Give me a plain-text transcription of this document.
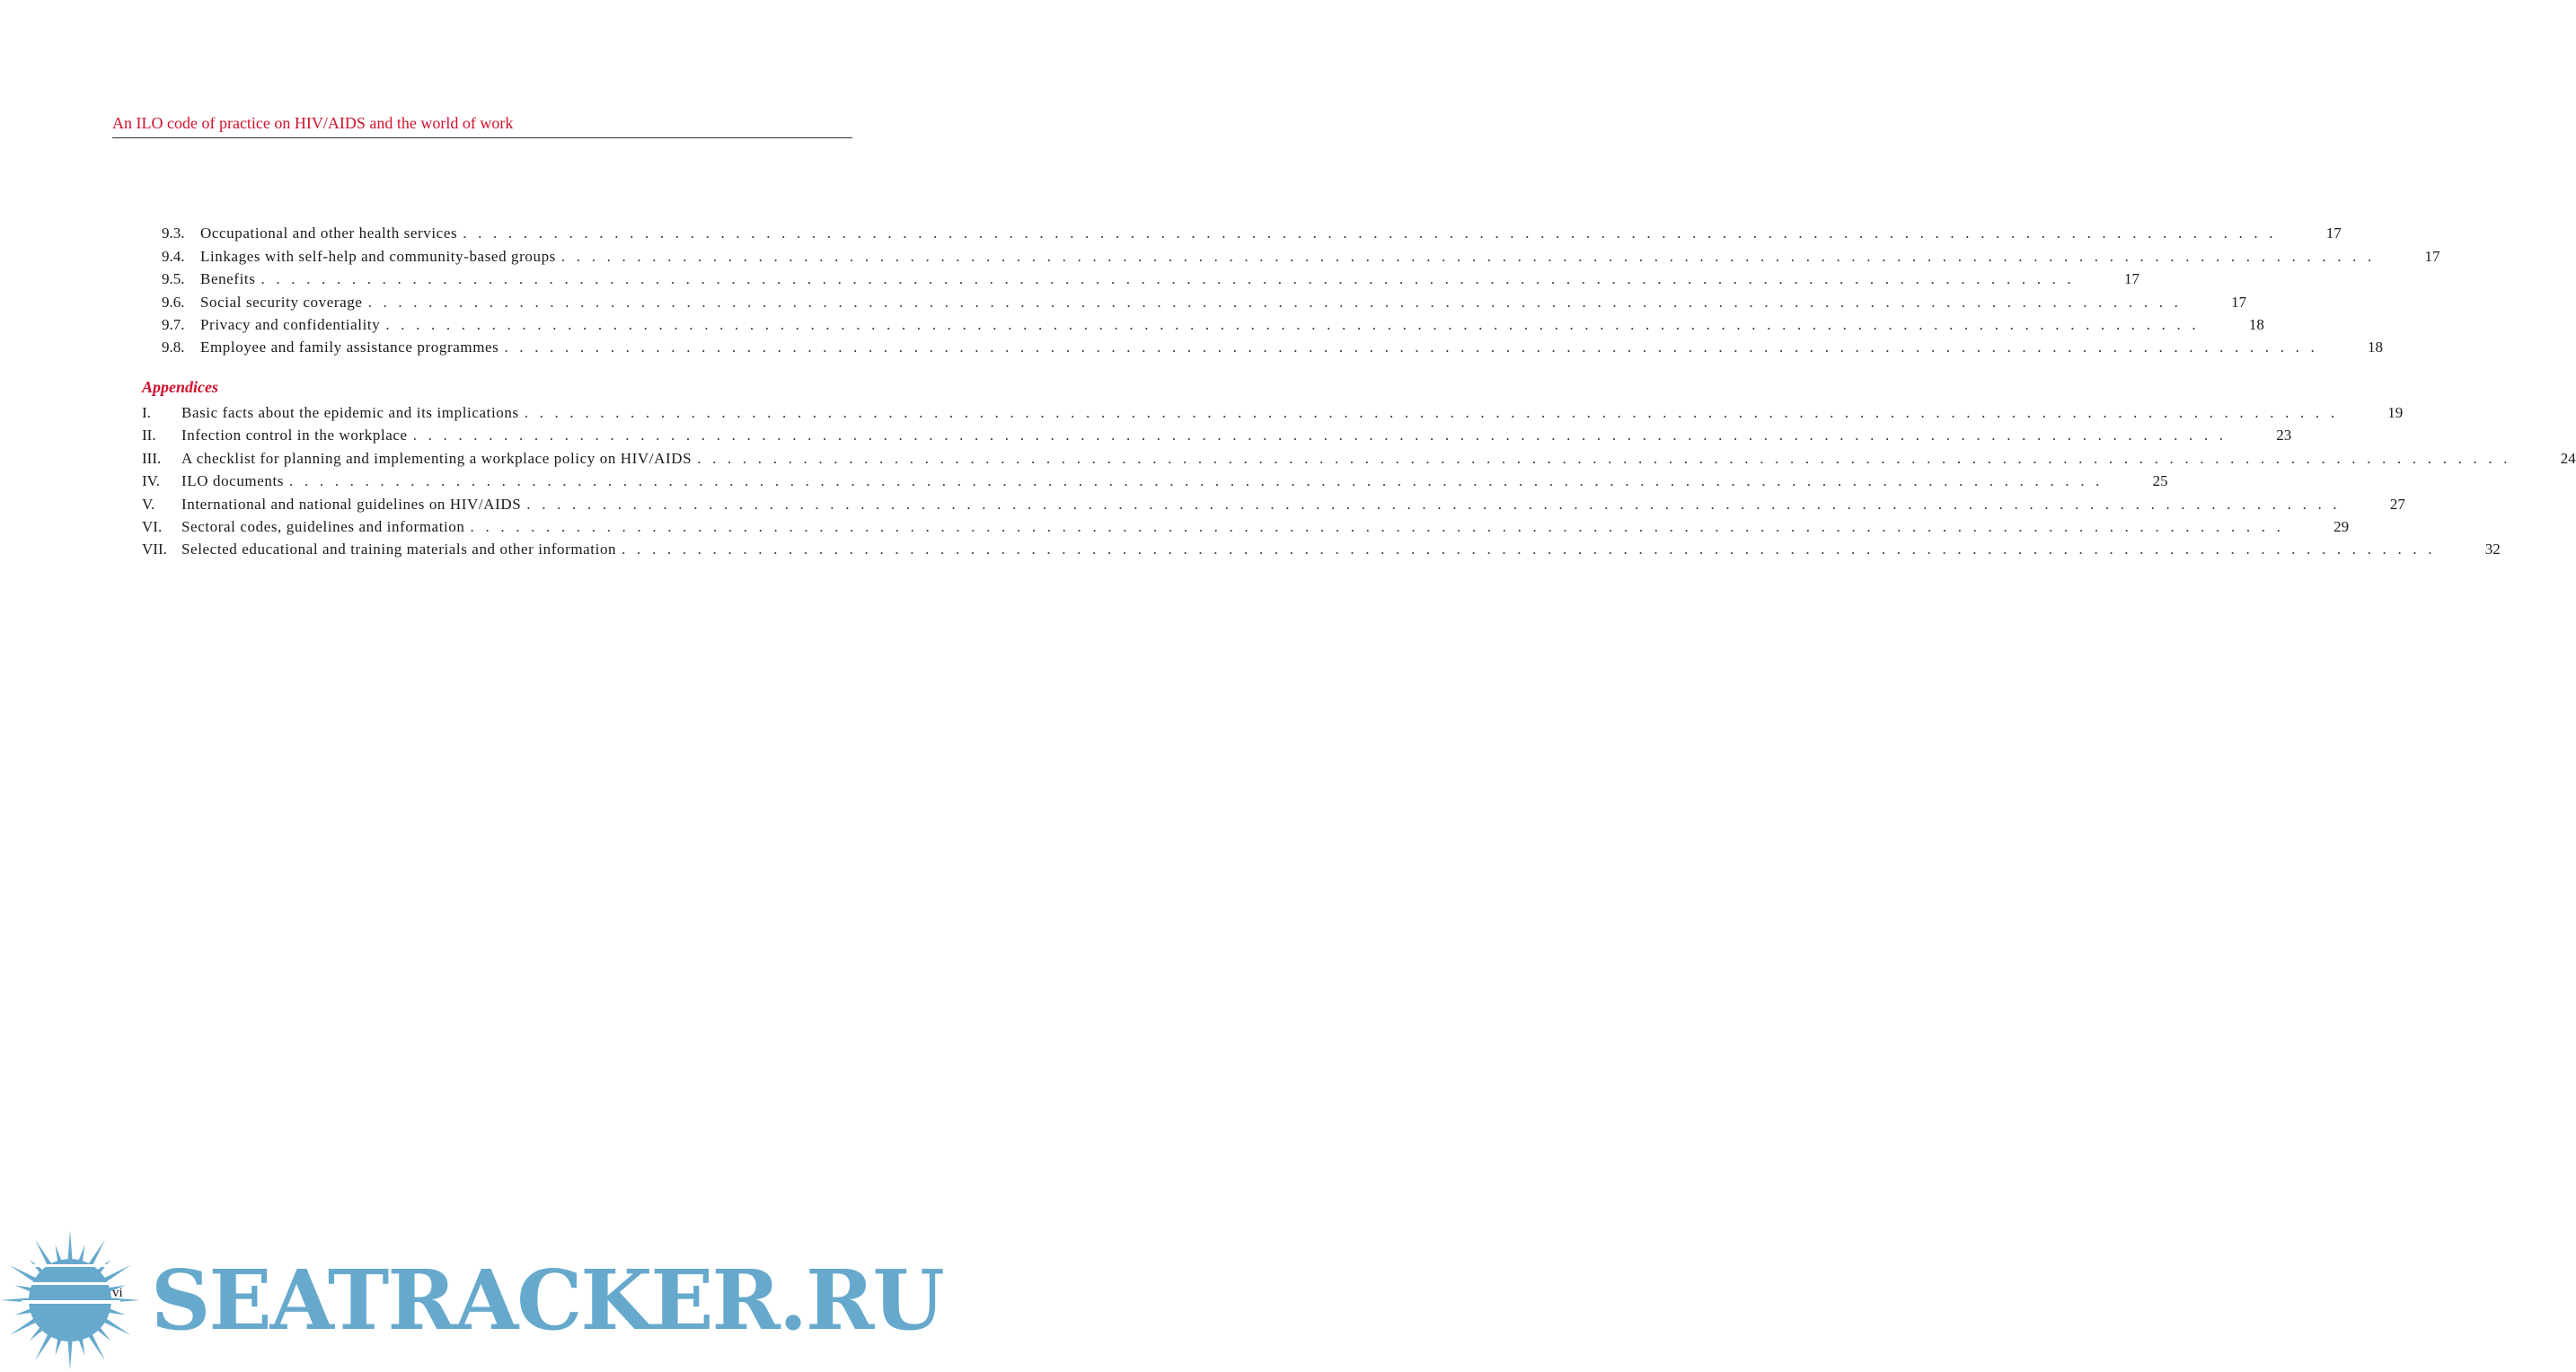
An ILO code of practice on HIV/AIDS and the world of work
9.3.	Occupational and other health services . . . . . . . . . . . . . . . . . . . . . . . . . . . . . . . . . . . . . . . . . . . . . . . . . . . . . . . . . . . . . . . . . . . . . . . . . . . . . . . . . . . . . . . . . . . . . . . . . . . . . . . . . . . . . . . . . . . . . . . .	17
9.4.	Linkages with self-help and community-based groups . . . . . . . . . . . . . . . . . . . . . . . . . . . . . . . . . . . . . . . . . . . . . . . . . . . . . . . . . . . . . . . . . . . . . . . . . . . . . . . . . . . . . . . . . . . . . . . . . . . . . . . . . . . . . . . . . . . . . . . .	17
9.5.	Benefits . . . . . . . . . . . . . . . . . . . . . . . . . . . . . . . . . . . . . . . . . . . . . . . . . . . . . . . . . . . . . . . . . . . . . . . . . . . . . . . . . . . . . . . . . . . . . . . . . . . . . . . . . . . . . . . . . . . . . . . .	17
9.6.	Social security coverage . . . . . . . . . . . . . . . . . . . . . . . . . . . . . . . . . . . . . . . . . . . . . . . . . . . . . . . . . . . . . . . . . . . . . . . . . . . . . . . . . . . . . . . . . . . . . . . . . . . . . . . . . . . . . . . . . . . . . . . .	17
9.7.	Privacy and confidentiality . . . . . . . . . . . . . . . . . . . . . . . . . . . . . . . . . . . . . . . . . . . . . . . . . . . . . . . . . . . . . . . . . . . . . . . . . . . . . . . . . . . . . . . . . . . . . . . . . . . . . . . . . . . . . . . . . . . . . . . .	18
9.8.	Employee and family assistance programmes . . . . . . . . . . . . . . . . . . . . . . . . . . . . . . . . . . . . . . . . . . . . . . . . . . . . . . . . . . . . . . . . . . . . . . . . . . . . . . . . . . . . . . . . . . . . . . . . . . . . . . . . . . . . . . . . . . . . . . . .	18
Appendices
I.	Basic facts about the epidemic and its implications . . . . . . . . . . . . . . . . . . . . . . . . . . . . . . . . . . . . . . . . . . . . . . . . . . . . . . . . . . . . . . . . . . . . . . . . . . . . . . . . . . . . . . . . . . . . . . . . . . . . . . . . . . . . . . . . . . . . . . . .	19
II.	Infection control in the workplace . . . . . . . . . . . . . . . . . . . . . . . . . . . . . . . . . . . . . . . . . . . . . . . . . . . . . . . . . . . . . . . . . . . . . . . . . . . . . . . . . . . . . . . . . . . . . . . . . . . . . . . . . . . . . . . . . . . . . . . .	23
III.	A checklist for planning and implementing a workplace policy on HIV/AIDS . . . . . . . . . . . . . . . . . . . . . . . . . . . . . . . . . . . . . . . . . . . . . . . . . . . . . . . . . . . . . . . . . . . . . . . . . . . . . . . . . . . . . . . . . . . . . . . . . . . . . . . . . . . . . . . . . . . . . . . .	24
IV.	ILO documents . . . . . . . . . . . . . . . . . . . . . . . . . . . . . . . . . . . . . . . . . . . . . . . . . . . . . . . . . . . . . . . . . . . . . . . . . . . . . . . . . . . . . . . . . . . . . . . . . . . . . . . . . . . . . . . . . . . . . . . .	25
V.	International and national guidelines on HIV/AIDS . . . . . . . . . . . . . . . . . . . . . . . . . . . . . . . . . . . . . . . . . . . . . . . . . . . . . . . . . . . . . . . . . . . . . . . . . . . . . . . . . . . . . . . . . . . . . . . . . . . . . . . . . . . . . . . . . . . . . . . .	27
VI.	Sectoral codes, guidelines and information . . . . . . . . . . . . . . . . . . . . . . . . . . . . . . . . . . . . . . . . . . . . . . . . . . . . . . . . . . . . . . . . . . . . . . . . . . . . . . . . . . . . . . . . . . . . . . . . . . . . . . . . . . . . . . . . . . . . . . . .	29
VII. Selected educational and training materials and other information . . . . . . . . . . . . . . . . . . . . . . . . . . . . . . . . . . . . . . . . . . . . . . . . . . . . . . . . . . . . . . . . . . . . . . . . . . . . . . . . . . . . . . . . . . . . . . . . . . . . . . . . . . . . . . . . . . . . . . . .	32
vi SEATRACKER.RU
